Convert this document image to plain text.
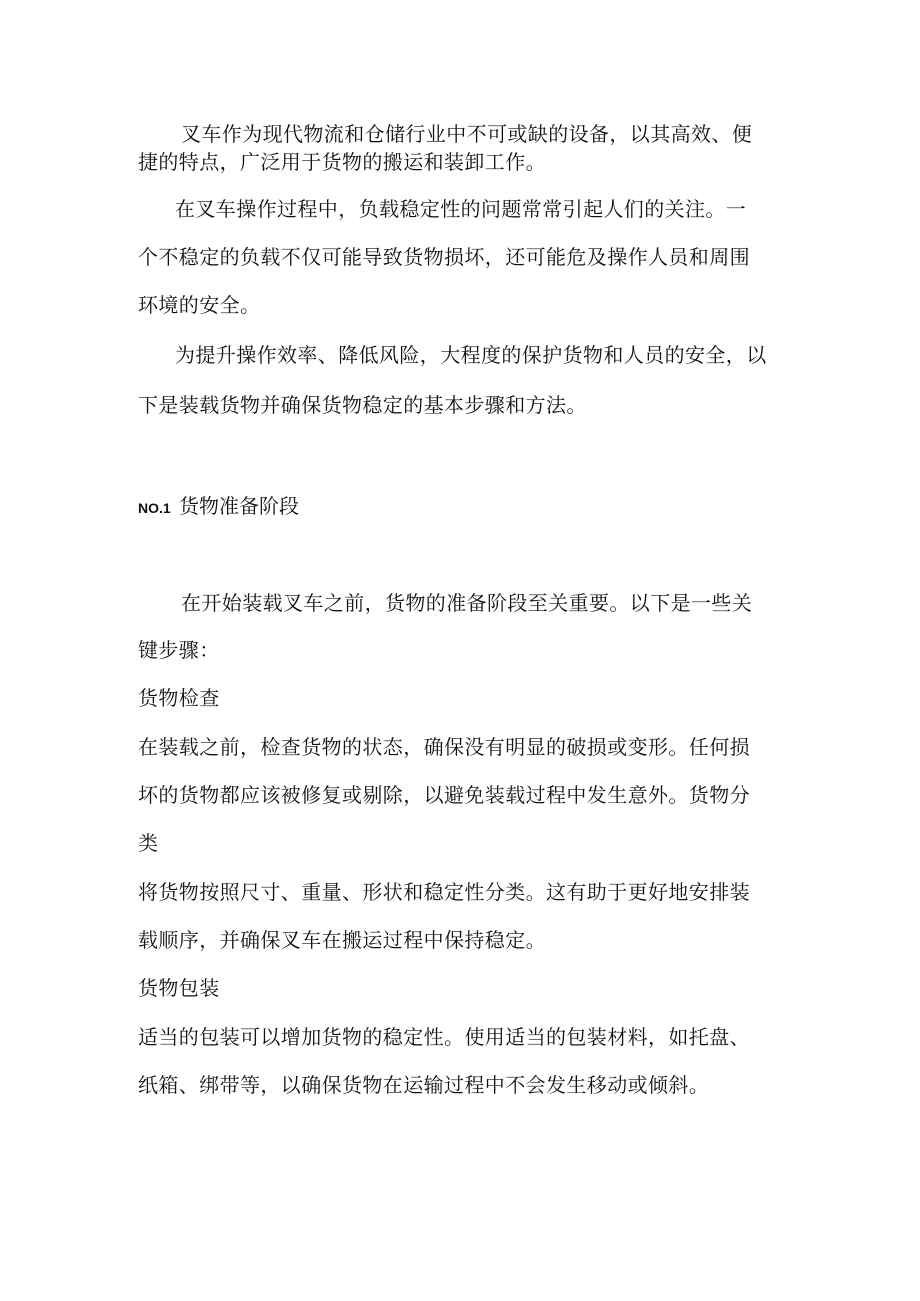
叉车作为现代物流和仓储行业中不可或缺的设备，以其高效、便
捷的特点，广泛用于货物的搬运和装卸工作。
在叉车操作过程中，负载稳定性的问题常常引起人们的关注。一
个不稳定的负载不仅可能导致货物损坏，还可能危及操作人员和周围
环境的安全。
为提升操作效率、降低风险，大程度的保护货物和人员的安全，以
下是装载货物并确保货物稳定的基本步骤和方法。
NO.1 货物准备阶段
在开始装载叉车之前，货物的准备阶段至关重要。以下是一些关
键步骤：
货物检查
在装载之前，检查货物的状态，确保没有明显的破损或变形。任何损
坏的货物都应该被修复或剔除，以避免装载过程中发生意外。货物分
类
将货物按照尺寸、重量、形状和稳定性分类。这有助于更好地安排装
载顺序，并确保叉车在搬运过程中保持稳定。
货物包装
适当的包装可以增加货物的稳定性。使用适当的包装材料，如托盘、
纸箱、绑带等，以确保货物在运输过程中不会发生移动或倾斜。
